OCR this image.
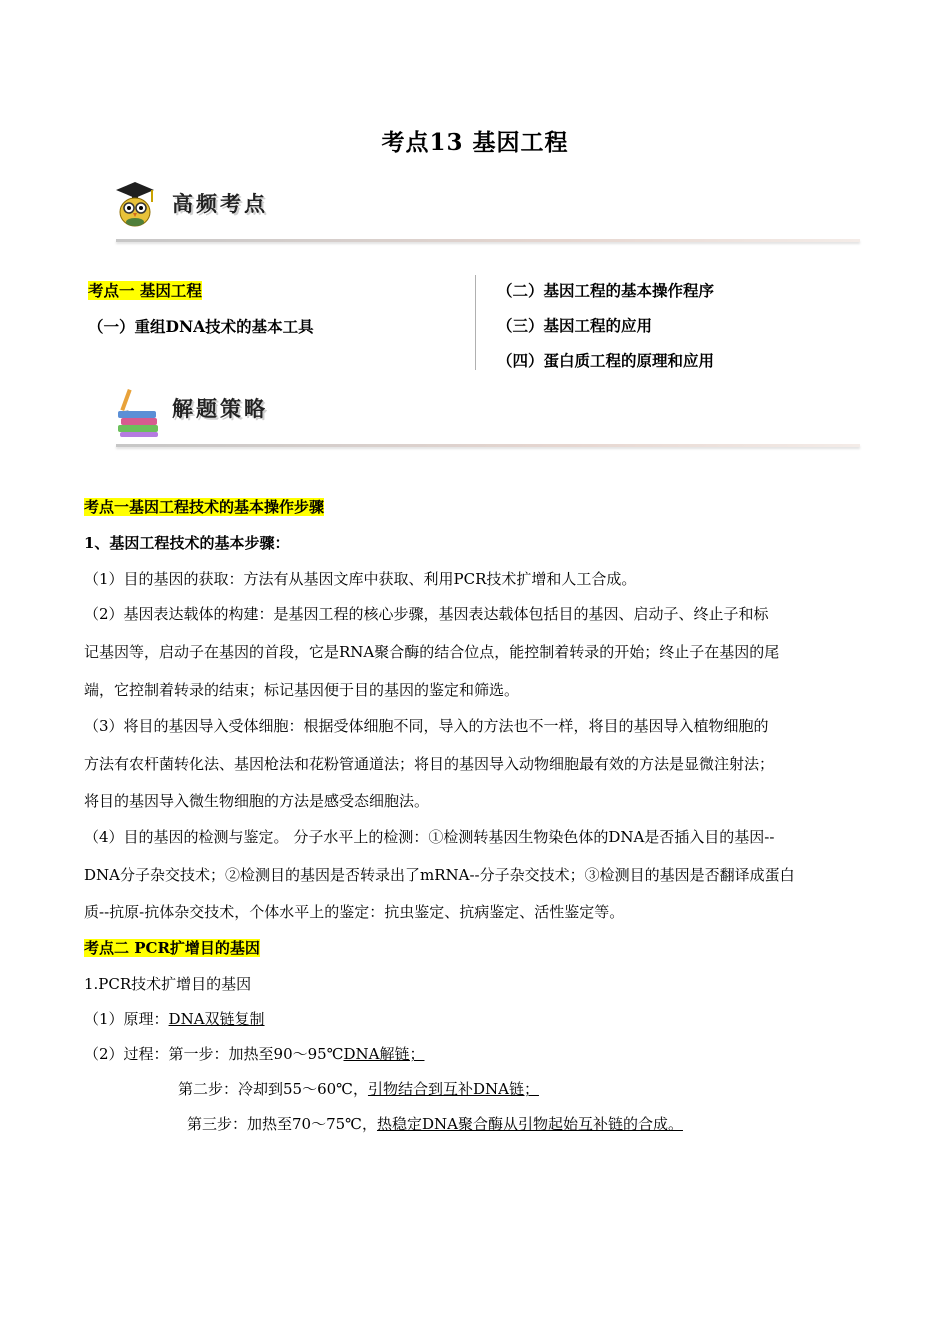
考点13 基因工程
高频考点
考点一 基因工程
（一）重组DNA技术的基本工具
（二）基因工程的基本操作程序
（三）基因工程的应用
（四）蛋白质工程的原理和应用
解题策略
考点一基因工程技术的基本操作步骤
1、基因工程技术的基本步骤：
（1）目的基因的获取：方法有从基因文库中获取、利用PCR技术扩增和人工合成。
（2）基因表达载体的构建：是基因工程的核心步骤，基因表达载体包括目的基因、启动子、终止子和标
记基因等，启动子在基因的首段，它是RNA聚合酶的结合位点，能控制着转录的开始；终止子在基因的尾
端，它控制着转录的结束；标记基因便于目的基因的鉴定和筛选。
（3）将目的基因导入受体细胞：根据受体细胞不同，导入的方法也不一样，将目的基因导入植物细胞的
方法有农杆菌转化法、基因枪法和花粉管通道法；将目的基因导入动物细胞最有效的方法是显微注射法；
将目的基因导入微生物细胞的方法是感受态细胞法。
（4）目的基因的检测与鉴定。 分子水平上的检测：①检测转基因生物染色体的DNA是否插入目的基因--
DNA分子杂交技术；②检测目的基因是否转录出了mRNA--分子杂交技术；③检测目的基因是否翻译成蛋白
质--抗原-抗体杂交技术，个体水平上的鉴定：抗虫鉴定、抗病鉴定、活性鉴定等。
考点二 PCR扩增目的基因
1.PCR技术扩增目的基因
（1）原理：DNA双链复制
（2）过程：第一步：加热至90～95℃DNA解链；
第二步：冷却到55～60℃，引物结合到互补DNA链；
第三步：加热至70～75℃，热稳定DNA聚合酶从引物起始互补链的合成。
